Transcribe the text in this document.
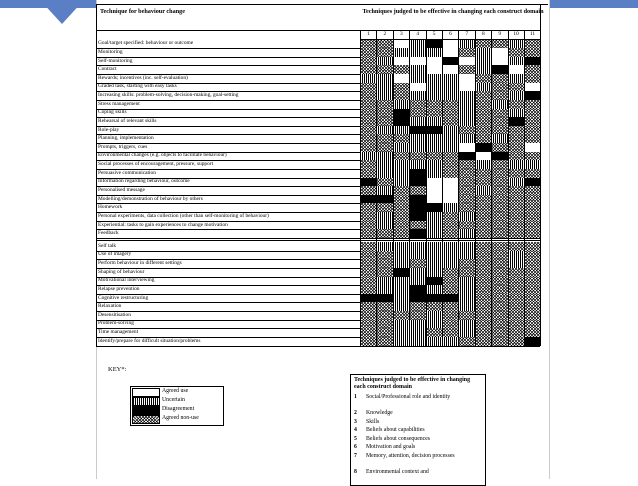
Technique for behaviour change	Techniques judged to be effective in changing each construct domain
1	2	3	4	5	6	7	8	9	10	11
Goal/target specified: behaviour or outcome
Monitoring
Self-monitoring
Contract
Rewards; incentives (inc. self-evaluation)
Graded task, starting with easy tasks
Increasing skills: problem-solving, decision-making, goal-setting
Stress management
Coping skills
Rehearsal of relevant skills
Role-play
Planning, implementation
Prompts, triggers, cues
Environmental changes (e.g. objects to facilitate behaviour)
Social processes of encouragement, pressure, support
Persuasive communication
Information regarding behaviour, outcome
Personalised message
Modelling/demonstration of behaviour by others
Homework
Personal experiments, data collection (other than self-monitoring of behaviour)
Experiential: tasks to gain experiences to change motivation
Feedback
Self talk
Use of imagery
Perform behaviour in different settings
Shaping of behaviour
Motivational interviewing
Relapse prevention
Cognitive restructuring
Relaxation
Desensitisation
Problem-solving
Time management
Identify/prepare for difficult situation/problems
KEY*:
Agreed use
Uncertain
Disagreement
Agreed non-use
Techniques judged to be effective in changing each construct domain
1 Social/Professional role and identity
2 Knowledge
3 Skills
4 Beliefs about capabilities
5 Beliefs about consequences
6 Motivation and goals
7 Memory, attention, decision processes
8 Environmental context and
